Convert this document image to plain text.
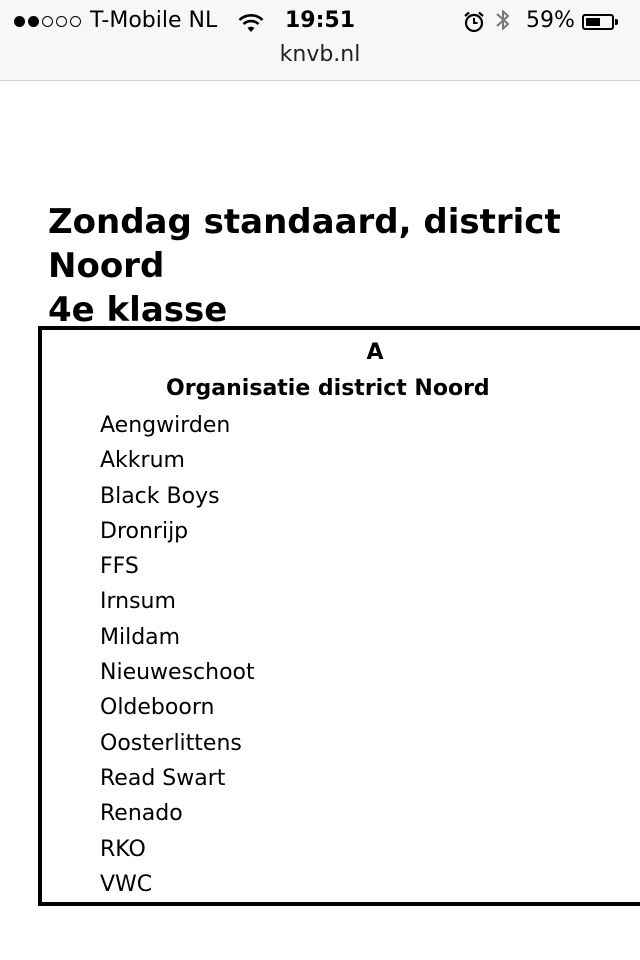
T-Mobile NL	19:51	59%
knvb.nl
Zondag standaard, district Noord
4e klasse
A
Organisatie district Noord
Aengwirden
Akkrum
Black Boys
Dronrijp
FFS
Irnsum
Mildam
Nieuweschoot
Oldeboorn
Oosterlittens
Read Swart
Renado
RKO
VWC
